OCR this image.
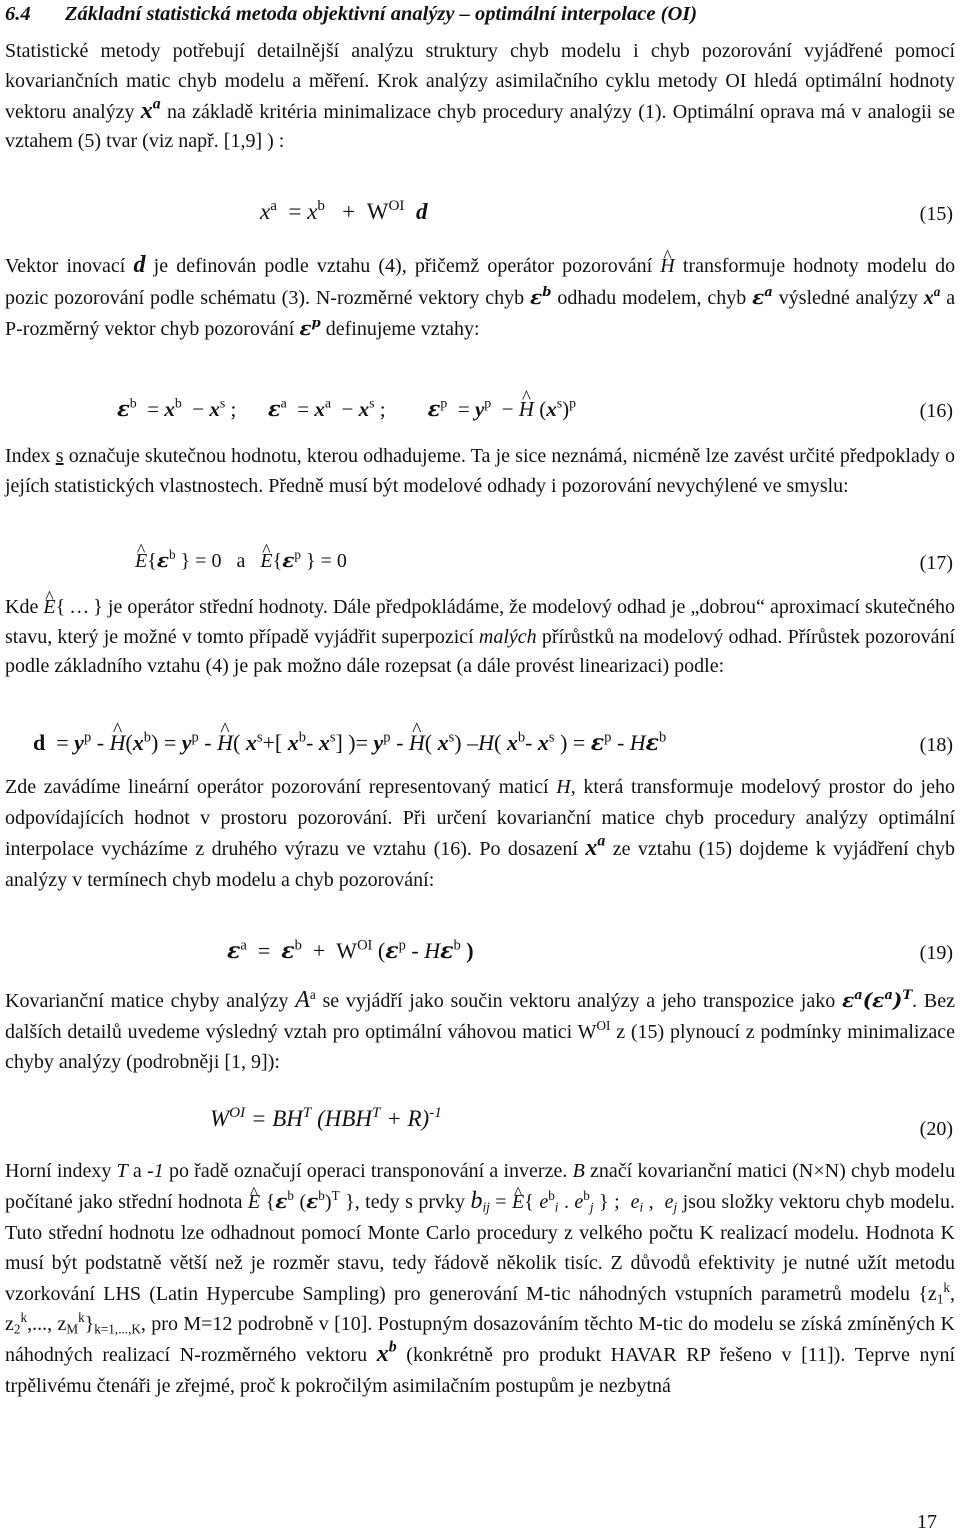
6.4 Základní statistická metoda objektivní analýzy – optimální interpolace (OI)
Statistické metody potřebují detailnější analýzu struktury chyb modelu i chyb pozorování vyjádřené pomocí kovariančních matic chyb modelu a měření. Krok analýzy asimilačního cyklu metody OI hledá optimální hodnoty vektoru analýzy $x^a$ na základě kritéria minimalizace chyb procedury analýzy (1). Optimální oprava má v analogii se vztahem (5) tvar (viz např. [1,9] ) :
$x^a = x^b + W^{OI}$ d	(15)
Vektor inovací d je definován podle vztahu (4), přičemž operátor pozorování ^ H transformuje hodnoty modelu do pozic pozorování podle schématu (3). N-rozměrné vektory chyb $\varepsilon^b$ odhadu modelem, chyb $\varepsilon^a$ výsledné analýzy $x^a$ a P-rozměrný vektor chyb pozorování $\varepsilon^p$ definujeme vztahy:
$\varepsilon^b = x^b - x^s$ ;      $\varepsilon^a = x^a - x^s$ ;        $\varepsilon^p = y^p$  − ^ H $(x^s)^p$	(16)
Index s označuje skutečnou hodnotu, kterou odhadujeme. Ta je sice neznámá, nicméně lze zavést určité předpoklady o jejích statistických vlastnostech. Předně musí být modelové odhady i pozorování nevychýlené ve smyslu:
^ $E\{\varepsilon^b$ } = 0   a   ^ $E\{\varepsilon^p$ } = 0	(17)
Kde ^ E{ … } je operátor střední hodnoty. Dále předpokládáme, že modelový odhad je „dobrou“ aproximací skutečného stavu, který je možné v tomto případě vyjádřit superpozicí malých přírůstků na modelový odhad. Přírůstek pozorování podle základního vztahu (4) je pak možno dále rozepsat (a dále provést linearizaci) podle:
$d = y^p$ - ^ $H(x^b) = y^p$ - ^ H( $x^s+$[ $x^b-$ $x^s$] )= $y^p$ - ^ H( $x^s$) –H( $x^b-$ $x^s$ ) = $\varepsilon^p - H\varepsilon^b$	(18)
Zde zavádíme lineární operátor pozorování representovaný maticí H, která transformuje modelový prostor do jeho odpovídajících hodnot v prostoru pozorování. Při určení kovarianční matice chyb procedury analýzy optimální interpolace vycházíme z druhého výrazu ve vztahu (16). Po dosazení $x^a$ ze vztahu (15) dojdeme k vyjádření chyb analýzy v termínech chyb modelu a chyb pozorování:
$\varepsilon^a = \varepsilon^b + W^{OI}$ ($\varepsilon^p - H\varepsilon^b$ )	(19)
Kovarianční matice chyby analýzy $A^a$ se vyjádří jako součin vektoru analýzy a jeho transpozice jako $\varepsilon^a(\varepsilon^a)^T$. Bez dalších detailů uvedeme výsledný vztah pro optimální váhovou matici $W^{OI}$ z (15) plynoucí z podmínky minimalizace chyby analýzy (podrobněji [1, 9]):
$W^{OI} = BH^T$ $(HBH^T + R)^{-1}$
(20)
Horní indexy T a -1 po řadě označují operaci transponování a inverze. B značí kovarianční matici (N×N) chyb modelu počítané jako střední hodnota ^ E {$\varepsilon^b$ $(\varepsilon^b)^T$ }, tedy s prvky $b_{ij}$ = ^ E{ $e^b_i$ . $e^b_j$ } ;  $e_i$ ,  $e_j$ jsou složky vektoru chyb modelu. Tuto střední hodnotu lze odhadnout pomocí Monte Carlo procedury z velkého počtu K realizací modelu. Hodnota K musí být podstatně větší než je rozměr stavu, tedy řádově několik tisíc. Z důvodů efektivity je nutné užít metodu vzorkování LHS (Latin Hypercube Sampling) pro generování M-tic náhodných vstupních parametrů modelu {$z_1^k$, $z_2^k$,..., $z_M^k\}_{k=1,...,K}$, pro M=12 podrobně v [10]. Postupným dosazováním těchto M-tic do modelu se získá zmíněných K náhodných realizací N-rozměrného vektoru $x^b$ (konkrétně pro produkt HAVAR RP řešeno v [11]). Teprve nyní trpělivému čtenáři je zřejmé, proč k pokročilým asimilačním postupům je nezbytná
17
